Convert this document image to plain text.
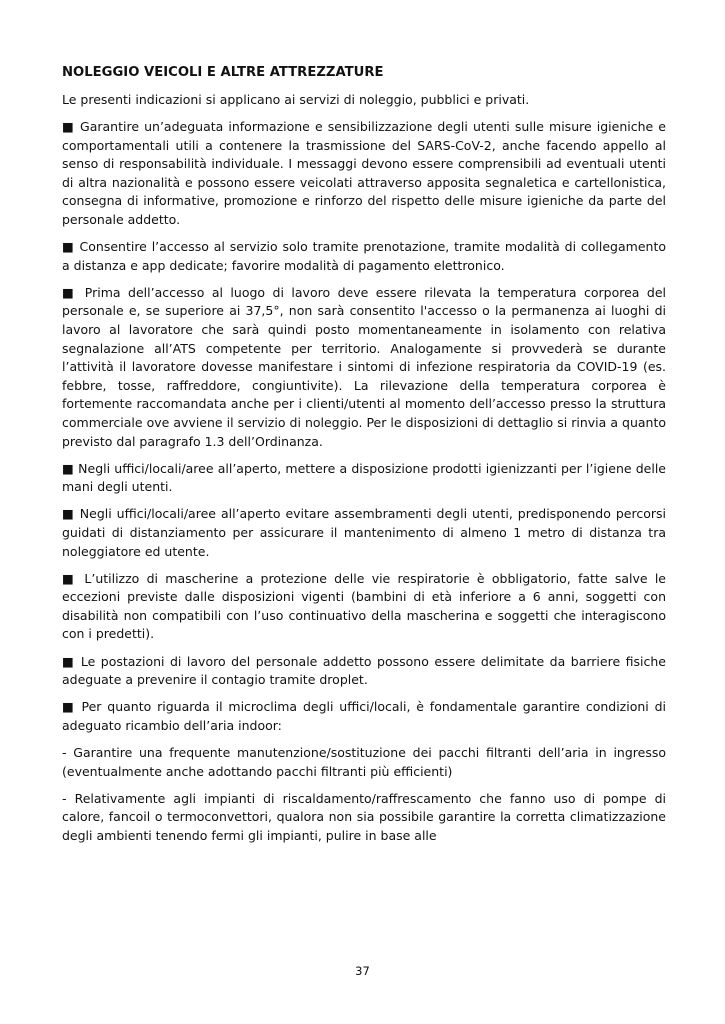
NOLEGGIO VEICOLI E ALTRE ATTREZZATURE

Le presenti indicazioni si applicano ai servizi di noleggio, pubblici e privati.

■ Garantire un’adeguata informazione e sensibilizzazione degli utenti sulle misure igieniche e comportamentali utili a contenere la trasmissione del SARS-CoV-2, anche facendo appello al senso di responsabilità individuale. I messaggi devono essere comprensibili ad eventuali utenti di altra nazionalità e possono essere veicolati attraverso apposita segnaletica e cartellonistica, consegna di informative, promozione e rinforzo del rispetto delle misure igieniche da parte del personale addetto.

■ Consentire l’accesso al servizio solo tramite prenotazione, tramite modalità di collegamento a distanza e app dedicate; favorire modalità di pagamento elettronico.

■ Prima dell’accesso al luogo di lavoro deve essere rilevata la temperatura corporea del personale e, se superiore ai 37,5°, non sarà consentito l'accesso o la permanenza ai luoghi di lavoro al lavoratore che sarà quindi posto momentaneamente in isolamento con relativa segnalazione all’ATS competente per territorio. Analogamente si provvederà se durante l’attività il lavoratore dovesse manifestare i sintomi di infezione respiratoria da COVID-19 (es. febbre, tosse, raffreddore, congiuntivite). La rilevazione della temperatura corporea è fortemente raccomandata anche per i clienti/utenti al momento dell’accesso presso la struttura commerciale ove avviene il servizio di noleggio. Per le disposizioni di dettaglio si rinvia a quanto previsto dal paragrafo 1.3 dell’Ordinanza.

■ Negli uffici/locali/aree all’aperto, mettere a disposizione prodotti igienizzanti per l’igiene delle mani degli utenti.

■ Negli uffici/locali/aree all’aperto evitare assembramenti degli utenti, predisponendo percorsi guidati di distanziamento per assicurare il mantenimento di almeno 1 metro di distanza tra noleggiatore ed utente.

■ L’utilizzo di mascherine a protezione delle vie respiratorie è obbligatorio, fatte salve le eccezioni previste dalle disposizioni vigenti (bambini di età inferiore a 6 anni, soggetti con disabilità non compatibili con l’uso continuativo della mascherina e soggetti che interagiscono con i predetti).

■ Le postazioni di lavoro del personale addetto possono essere delimitate da barriere fisiche adeguate a prevenire il contagio tramite droplet.

■ Per quanto riguarda il microclima degli uffici/locali, è fondamentale garantire condizioni di adeguato ricambio dell’aria indoor:

- Garantire una frequente manutenzione/sostituzione dei pacchi filtranti dell’aria in ingresso (eventualmente anche adottando pacchi filtranti più efficienti)

- Relativamente agli impianti di riscaldamento/raffrescamento che fanno uso di pompe di calore, fancoil o termoconvettori, qualora non sia possibile garantire la corretta climatizzazione degli ambienti tenendo fermi gli impianti, pulire in base alle

37
